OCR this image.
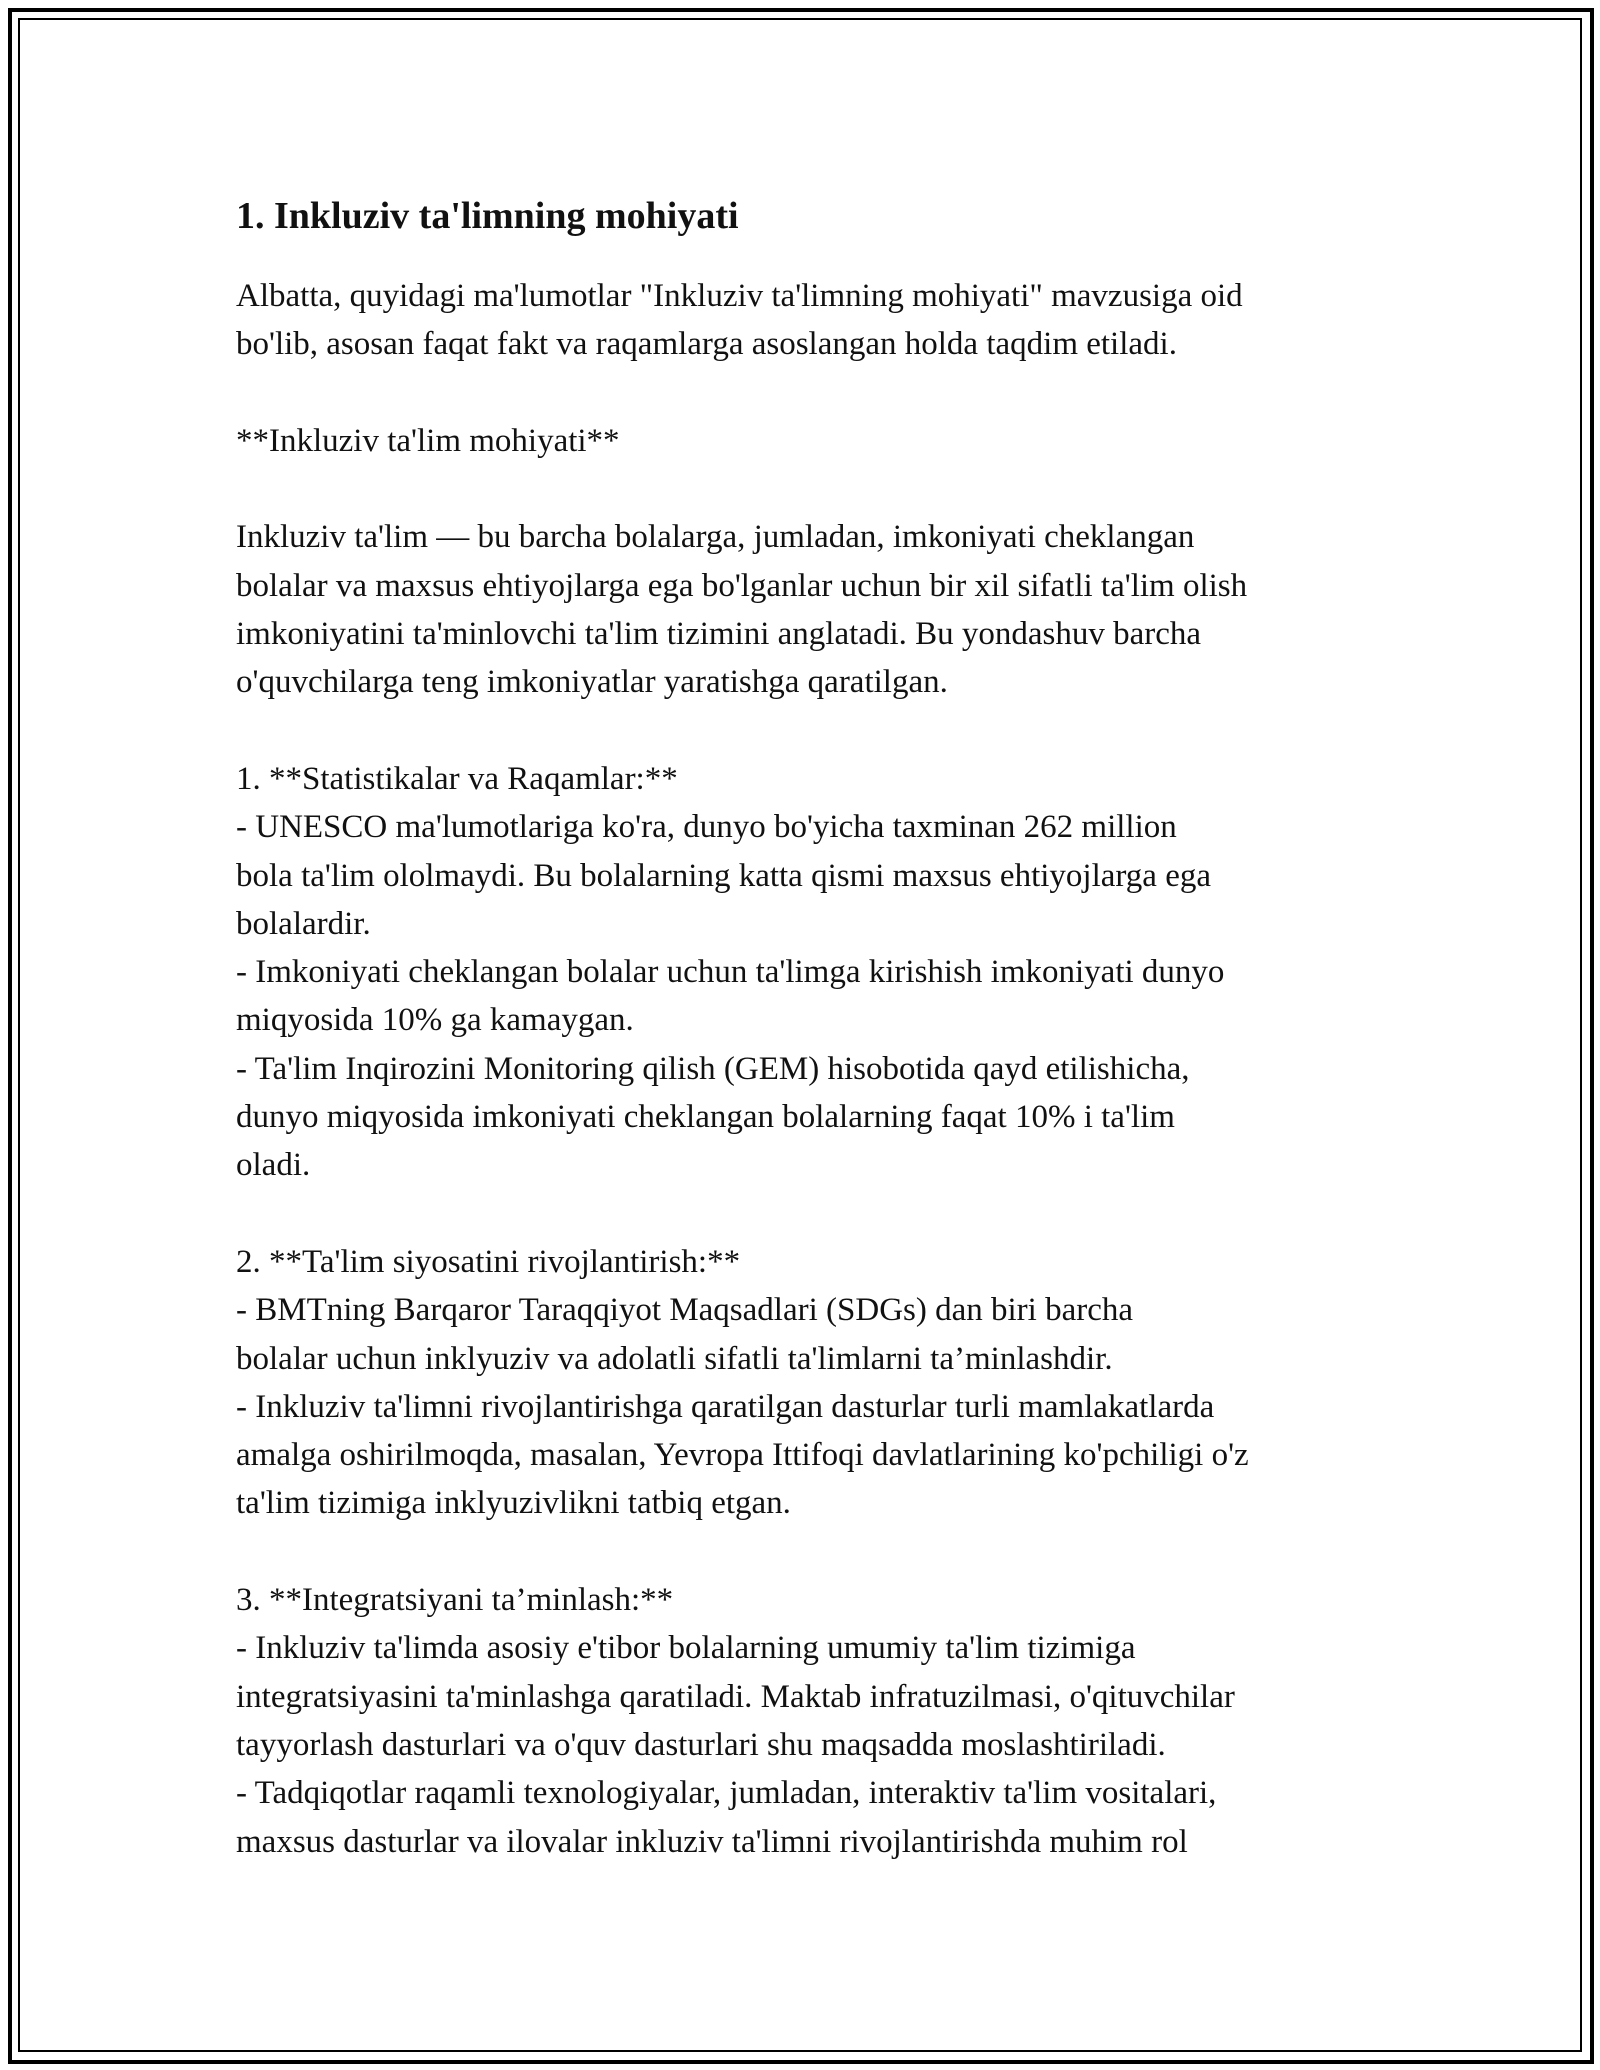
1. Inkluziv ta'limning mohiyati

Albatta, quyidagi ma'lumotlar "Inkluziv ta'limning mohiyati" mavzusiga oid
bo'lib, asosan faqat fakt va raqamlarga asoslangan holda taqdim etiladi.

**Inkluziv ta'lim mohiyati**

Inkluziv ta'lim — bu barcha bolalarga, jumladan, imkoniyati cheklangan
bolalar va maxsus ehtiyojlarga ega bo'lganlar uchun bir xil sifatli ta'lim olish
imkoniyatini ta'minlovchi ta'lim tizimini anglatadi. Bu yondashuv barcha
o'quvchilarga teng imkoniyatlar yaratishga qaratilgan.

1. **Statistikalar va Raqamlar:**
- UNESCO ma'lumotlariga ko'ra, dunyo bo'yicha taxminan 262 million
bola ta'lim ololmaydi. Bu bolalarning katta qismi maxsus ehtiyojlarga ega
bolalardir.
- Imkoniyati cheklangan bolalar uchun ta'limga kirishish imkoniyati dunyo
miqyosida 10% ga kamaygan.
- Ta'lim Inqirozini Monitoring qilish (GEM) hisobotida qayd etilishicha,
dunyo miqyosida imkoniyati cheklangan bolalarning faqat 10% i ta'lim
oladi.

2. **Ta'lim siyosatini rivojlantirish:**
- BMTning Barqaror Taraqqiyot Maqsadlari (SDGs) dan biri barcha
bolalar uchun inklyuziv va adolatli sifatli ta'limlarni ta’minlashdir.
- Inkluziv ta'limni rivojlantirishga qaratilgan dasturlar turli mamlakatlarda
amalga oshirilmoqda, masalan, Yevropa Ittifoqi davlatlarining ko'pchiligi o'z
ta'lim tizimiga inklyuzivlikni tatbiq etgan.

3. **Integratsiyani ta’minlash:**
- Inkluziv ta'limda asosiy e'tibor bolalarning umumiy ta'lim tizimiga
integratsiyasini ta'minlashga qaratiladi. Maktab infratuzilmasi, o'qituvchilar
tayyorlash dasturlari va o'quv dasturlari shu maqsadda moslashtiriladi.
- Tadqiqotlar raqamli texnologiyalar, jumladan, interaktiv ta'lim vositalari,
maxsus dasturlar va ilovalar inkluziv ta'limni rivojlantirishda muhim rol
